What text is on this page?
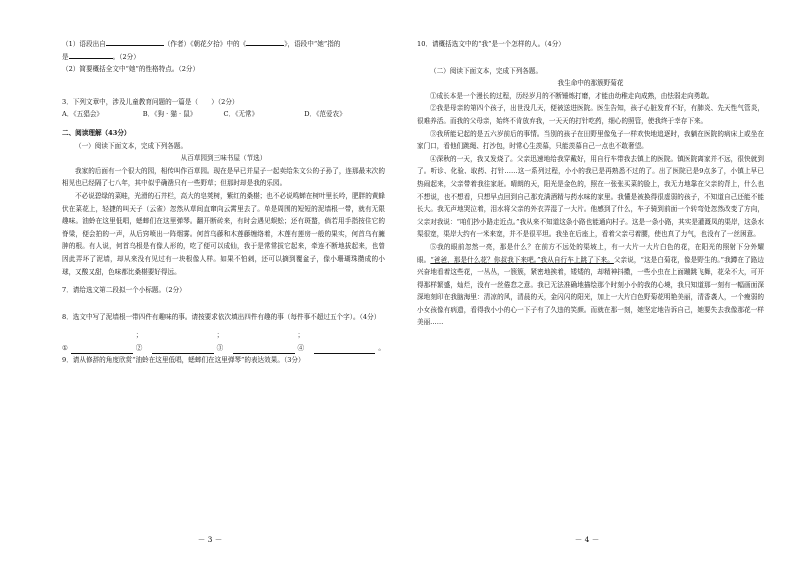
（1）语段出自	（作者）《朝花夕拾》中的《	》，语段中“她”指的
是	。（2分）
（2）简要概括全文中“她”的性格特点。（2分）
3．下列文章中，涉及儿童教育问题的一篇是（　　）（2分）
A．《五猖会》	B．《狗 · 猫 · 鼠》	C．《无常》	D．《范爱农》
二、阅读理解（43分）
（一）阅读下面文本，完成下列各题。
从百草园到三味书屋（节选）

我家的后面有一个很大的园，相传叫作百草园。现在是早已并屋子一起卖给朱文公的子孙了，连那最末次的相见也已经隔了七八年，其中似乎确凿只有一些野草；但那时却是我的乐园。

不必说碧绿的菜畦，光滑的石井栏，高大的皂荚树，紫红的桑椹；也不必说鸣蝉在树叶里长吟，肥胖的黄蜂伏在菜花上，轻捷的叫天子（云雀）忽然从草间直窜向云霄里去了。单是周围的短短的泥墙根一带，就有无限趣味。油蛉在这里低唱，蟋蟀们在这里弹琴。翻开断砖来，有时会遇见蜈蚣；还有斑蝥，倘若用手指按住它的脊梁，便会拍的一声，从后窍喷出一阵烟雾。何首乌藤和木莲藤缠络着，木莲有莲房一般的果实，何首乌有臃肿的根。有人说，何首乌根是有像人形的，吃了便可以成仙，我于是常常拔它起来，牵连不断地拔起来，也曾因此弄坏了泥墙，却从来没有见过有一块根像人样。如果不怕刺，还可以摘到覆盆子，像小珊瑚珠攒成的小球，又酸又甜，色味都比桑椹要好得远。

7．请给选文第二段拟一个小标题。（2分）

8．选文中写了泥墙根一带四件有趣味的事。请按要求依次填出四件有趣的事（每件事不超过五个字）。（4分）

①
；②
；③
；④	。
9．请从修辞的角度欣赏“油蛉在这里低唱，蟋蟀们在这里弹琴”的表达效果。（3分）
－ 3 －
10．请概括选文中的“我”是一个怎样的人。（4分）
（二）阅读下面文本，完成下列各题。
我生命中的那簇野菊花

①成长本是一个漫长的过程，历经岁月的不断锤炼打磨，才能由幼稚走向成熟，由怯弱走向勇敢。

②我是母亲的第四个孩子，出世没几天，便被送进医院。医生告知，孩子心脏发育不好，有肺炎、先天性气管炎，很难养活。而我的父母亲，始终不肯放弃我，一天天的打针吃药，细心的照管，使我终于幸存下来。

③我所能记起的是五六岁前后的事情。当别的孩子在田野里像兔子一样欢快地追逐时，我躺在医院的病床上或坐在家门口，看他们跳绳、打沙包，时常心生羡慕，只能羡慕自己一点也不敢奢望。

④深秋的一天，我又发烧了。父亲迅速地给我穿戴好，用自行车带我去镇上的医院。镇医院离家并不远，很快就到了。听诊、化验、取药、打针……这一系列过程，小小的我已是再熟悉不过的了。出了医院已是9点多了，小镇上早已热闹起来，父亲带着我往家赶。晴朗的天，阳光是金色的，照在一张张买菜的脸上，我无力地靠在父亲的背上，什么也不想说，也不想看，只想早点回到自己那充满酒精与药水味的家里。我懂是被换得很虚弱的孩子，不知道自己还能不能长大。我无声地哭泣着，泪水将父亲的外衣弄湿了一大片。他感到了什么，车子骑到前面一个转弯处忽然改变了方向，父亲对我说：“咱们抄小路走近点。”我从来不知道这条小路也能通向村子。这是一条小路，其实是灌溉凤的渠岸，这条水渠很宽，渠岸大约有一米来宽，并不是很平坦。我坐在后座上，看着父亲弓着腰，使也真了力气，也没有了一丝困意。

⑤我的眼前忽然一亮，那是什么？在前方不远处的渠坡上，有一大片一大片白色的花，在阳光的照射下分外耀眼。“爸爸，那是什么花？你叔我下来吧。”我从自行车上跳了下来。父亲说，“这是白菊花，像是野生的。”我蹲在了路边兴奋地看着这些花，一丛丛，一簇簇，紧密地挨着，矮矮的，却精神抖擞，一些小虫在上面蹦跳飞舞，花朵不大，可开得那样繁盛，灿烂，没有一丝倦怠之意。我已无法准确地描绘那个时刻小小的我的心境，我只知道那一刻有一幅画面深深地刻印在我脑海里：清凉的风，清晨的天，金闪闪的阳光，加上一大片白色野菊花明艳美丽，清香袭人，一个瘦弱的小女孩像有病遗，看得我小小的心一下子有了久违的笑颜。而就在那一刻，她坚定地告诉自己，她要失去我像那花一样美丽……

－ 4 －
